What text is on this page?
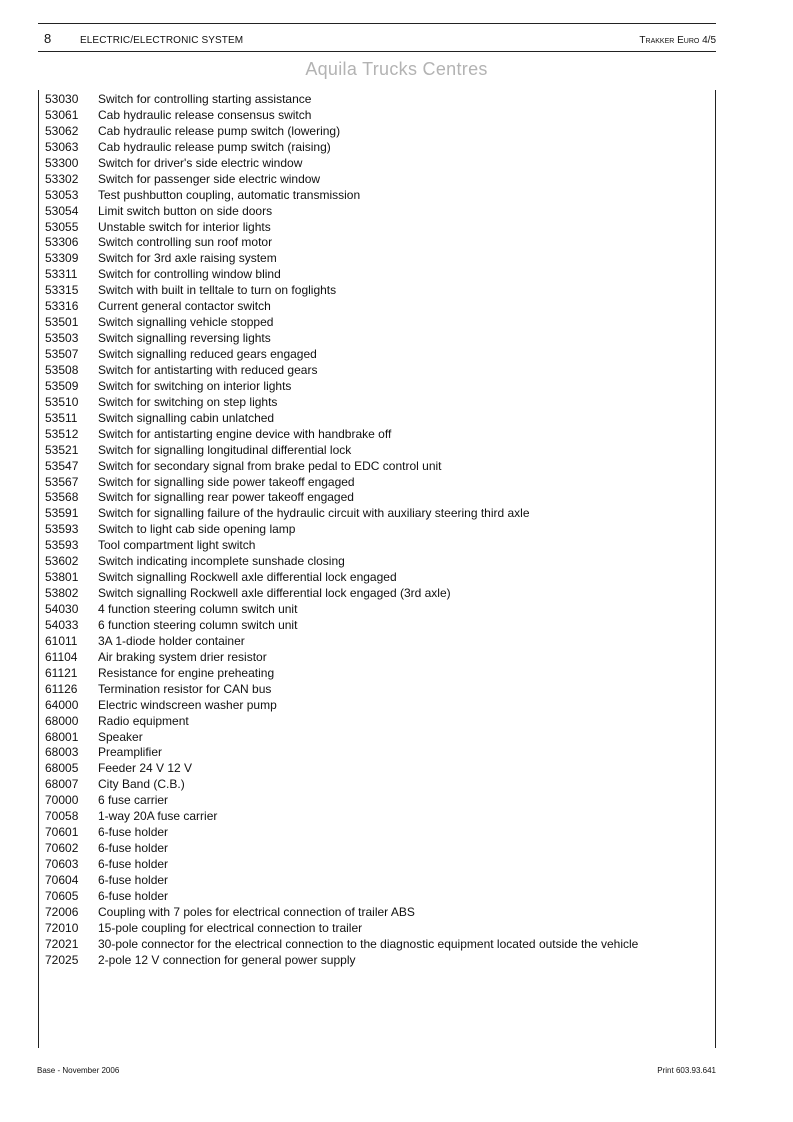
8	ELECTRIC/ELECTRONIC SYSTEM	Trakker Euro 4/5
Aquila Trucks Centres
53030	Switch for controlling starting assistance
53061	Cab hydraulic release consensus switch
53062	Cab hydraulic release pump switch (lowering)
53063	Cab hydraulic release pump switch (raising)
53300	Switch for driver's side electric window
53302	Switch for passenger side electric window
53053	Test pushbutton coupling, automatic transmission
53054	Limit switch button on side doors
53055	Unstable switch for interior lights
53306	Switch controlling sun roof motor
53309	Switch for 3rd axle raising system
53311	Switch for controlling window blind
53315	Switch with built in telltale to turn on foglights
53316	Current general contactor switch
53501	Switch signalling vehicle stopped
53503	Switch signalling reversing lights
53507	Switch signalling reduced gears engaged
53508	Switch for antistarting with reduced gears
53509	Switch for switching on interior lights
53510	Switch for switching on step lights
53511	Switch signalling cabin unlatched
53512	Switch for antistarting engine device with handbrake off
53521	Switch for signalling longitudinal differential lock
53547	Switch for secondary signal from brake pedal to EDC control unit
53567	Switch for signalling side power takeoff engaged
53568	Switch for signalling rear power takeoff engaged
53591	Switch for signalling failure of the hydraulic circuit with auxiliary steering third axle
53593	Switch to light cab side opening lamp
53593	Tool compartment light switch
53602	Switch indicating incomplete sunshade closing
53801	Switch signalling Rockwell axle differential lock engaged
53802	Switch signalling Rockwell axle differential lock engaged (3rd axle)
54030	4 function steering column switch unit
54033	6 function steering column switch unit
61011	3A 1-diode holder container
61104	Air braking system drier resistor
61121	Resistance for engine preheating
61126	Termination resistor for CAN bus
64000	Electric windscreen washer pump
68000	Radio equipment
68001	Speaker
68003	Preamplifier
68005	Feeder 24 V 12 V
68007	City Band (C.B.)
70000	6 fuse carrier
70058	1-way 20A fuse carrier
70601	6-fuse holder
70602	6-fuse holder
70603	6-fuse holder
70604	6-fuse holder
70605	6-fuse holder
72006	Coupling with 7 poles for electrical connection of trailer ABS
72010	15-pole coupling for electrical connection to trailer
72021	30-pole connector for the electrical connection to the diagnostic equipment located outside the vehicle
72025	2-pole 12 V connection for general power supply
Base - November 2006	Print 603.93.641
